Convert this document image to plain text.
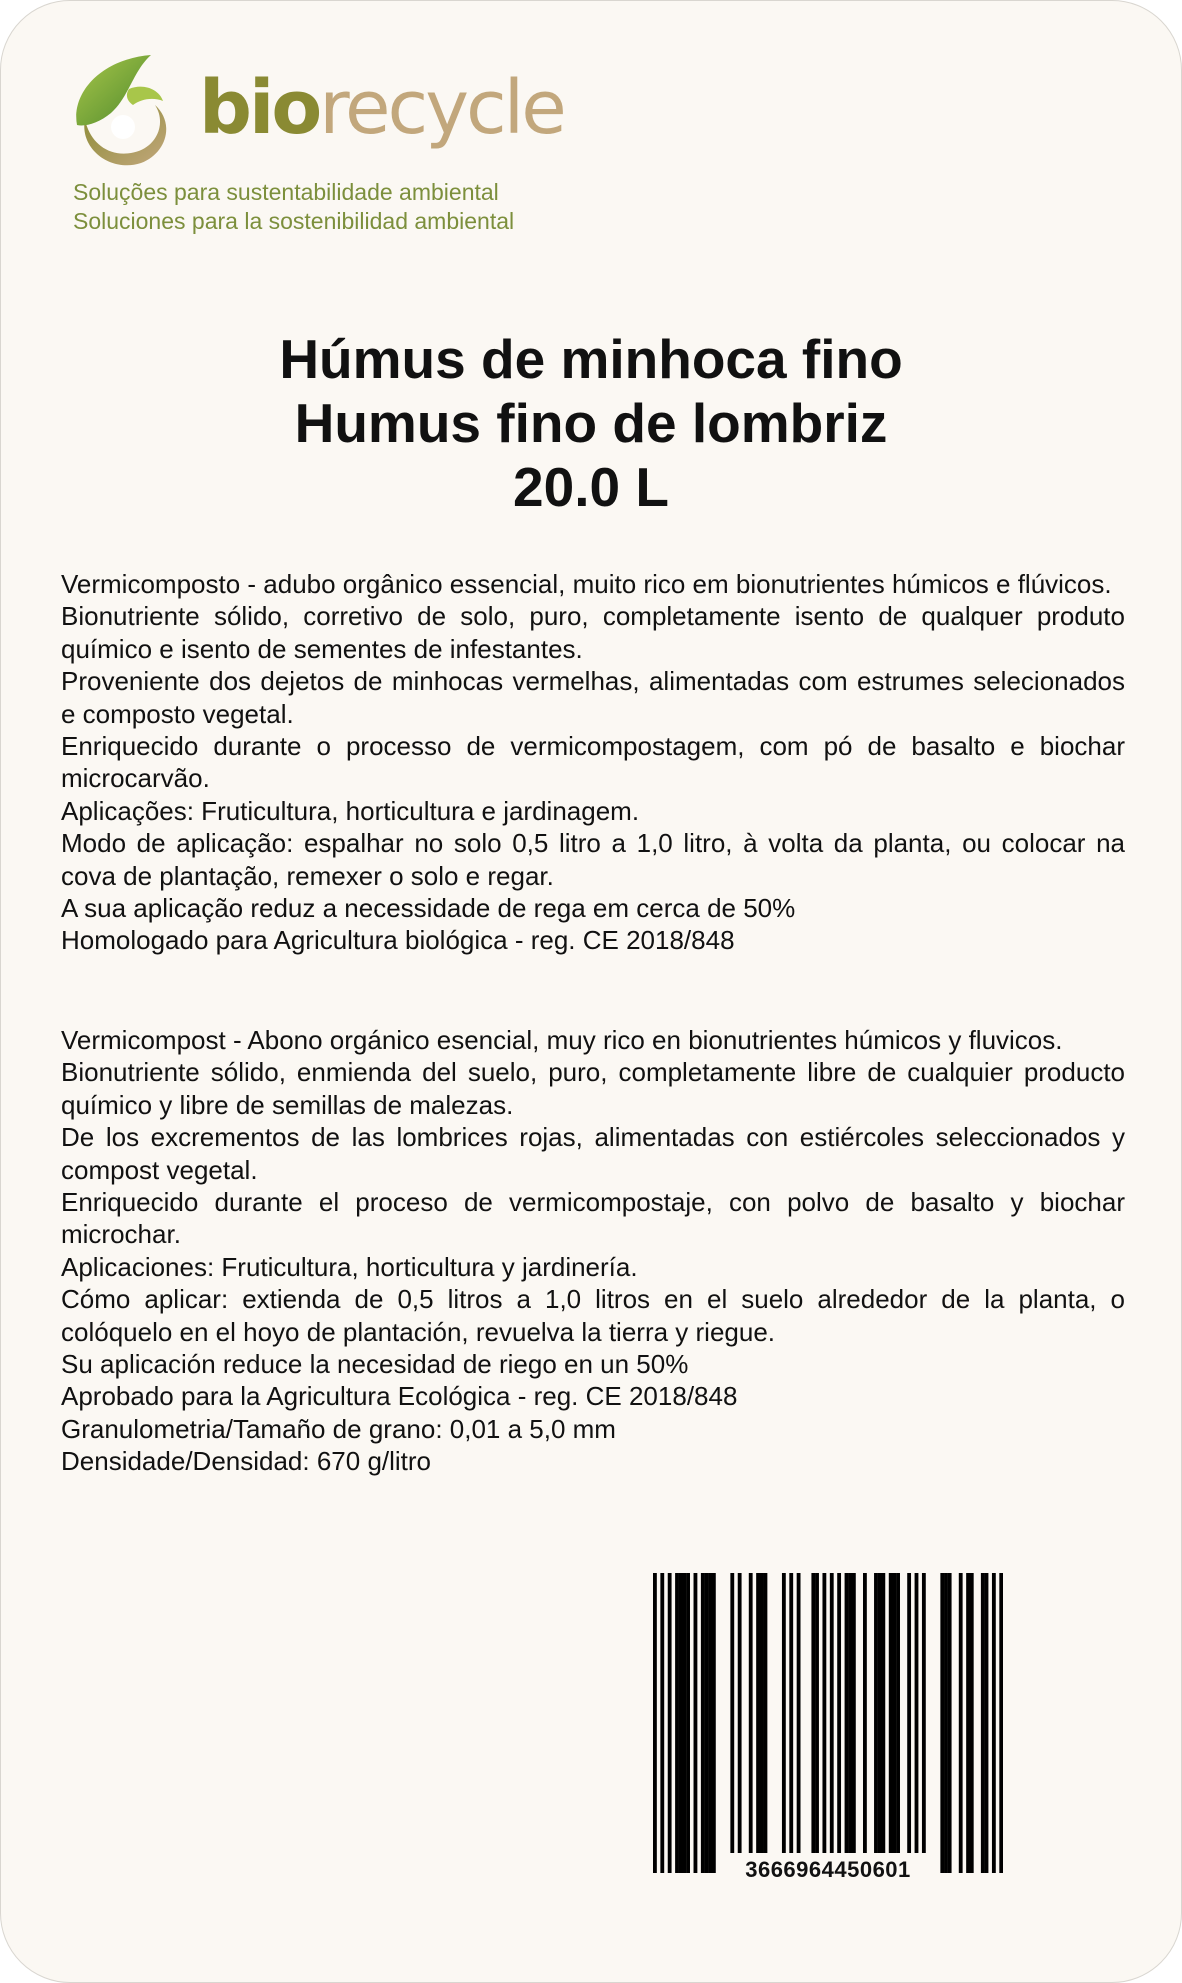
biorecycle
Soluções para sustentabilidade ambiental
Soluciones para la sostenibilidad ambiental
Húmus de minhoca fino
Humus fino de lombriz
20.0 L

Vermicomposto - adubo orgânico essencial, muito rico em bionutrientes húmicos e flúvicos.

Bionutriente sólido, corretivo de solo, puro, completamente isento de qualquer produto químico e isento de sementes de infestantes.

Proveniente dos dejetos de minhocas vermelhas, alimentadas com estrumes selecionados e composto vegetal.

Enriquecido durante o processo de vermicompostagem, com pó de basalto e biochar microcarvão.

Aplicações: Fruticultura, horticultura e jardinagem.

Modo de aplicação: espalhar no solo 0,5 litro a 1,0 litro, à volta da planta, ou colocar na cova de plantação, remexer o solo e regar.

A sua aplicação reduz a necessidade de rega em cerca de 50%

Homologado para Agricultura biológica - reg. CE 2018/848

Vermicompost - Abono orgánico esencial, muy rico en bionutrientes húmicos y fluvicos.

Bionutriente sólido, enmienda del suelo, puro, completamente libre de cualquier producto químico y libre de semillas de malezas.

De los excrementos de las lombrices rojas, alimentadas con estiércoles seleccionados y compost vegetal.

Enriquecido durante el proceso de vermicompostaje, con polvo de basalto y biochar microchar.

Aplicaciones: Fruticultura, horticultura y jardinería.

Cómo aplicar: extienda de 0,5 litros a 1,0 litros en el suelo alrededor de la planta, o colóquelo en el hoyo de plantación, revuelva la tierra y riegue.

Su aplicación reduce la necesidad de riego en un 50%

Aprobado para la Agricultura Ecológica - reg. CE 2018/848

Granulometria/Tamaño de grano: 0,01 a 5,0 mm

Densidade/Densidad: 670 g/litro

3666964450601
